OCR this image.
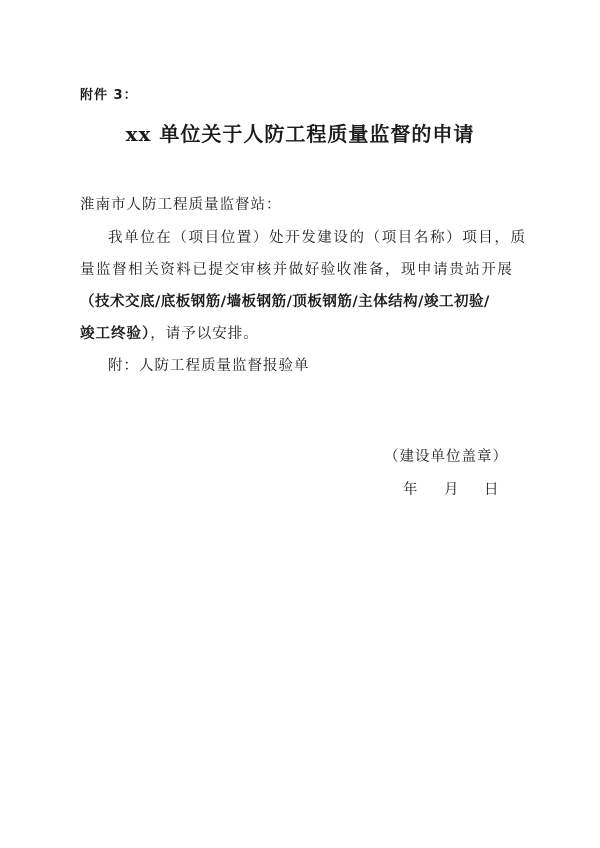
附件 3：
xx 单位关于人防工程质量监督的申请
淮南市人防工程质量监督站：
我单位在（项目位置）处开发建设的（项目名称）项目，质
量监督相关资料已提交审核并做好验收准备，现申请贵站开展
（技术交底/底板钢筋/墙板钢筋/顶板钢筋/主体结构/竣工初验/
竣工终验），请予以安排。
附：人防工程质量监督报验单
（建设单位盖章）
年 月 日
